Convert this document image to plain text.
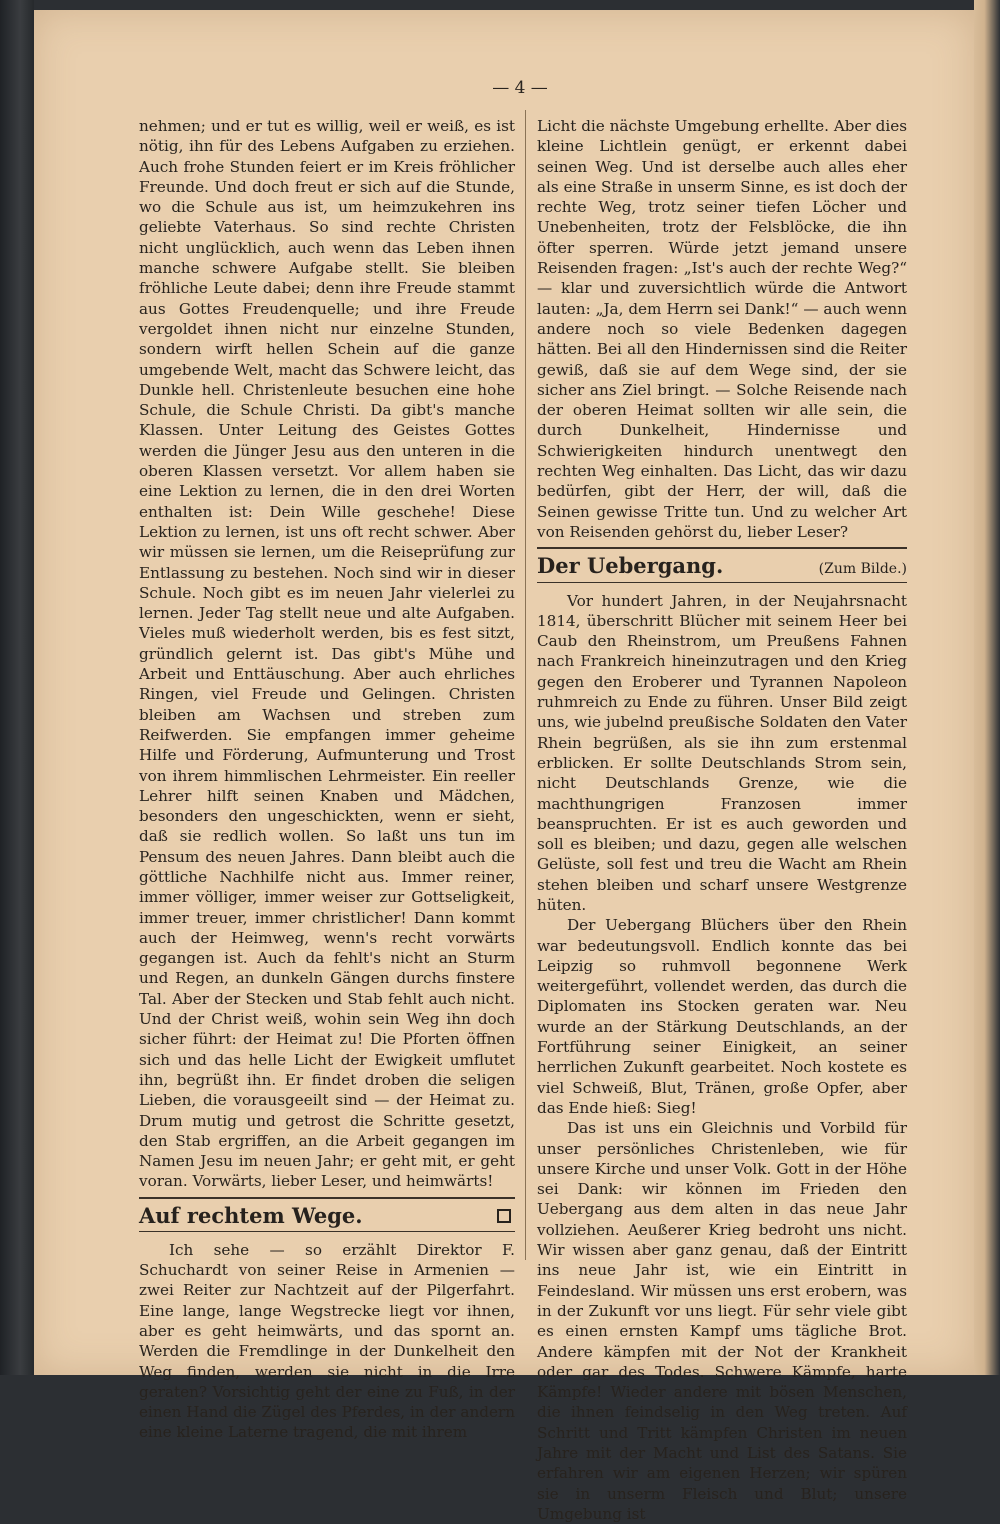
— 4 —

nehmen; und er tut es willig, weil er weiß, es ist nötig, ihn für des Lebens Aufgaben zu erziehen. Auch frohe Stunden feiert er im Kreis fröhlicher Freunde. Und doch freut er sich auf die Stunde, wo die Schule aus ist, um heimzukehren ins geliebte Vaterhaus. So sind rechte Christen nicht unglücklich, auch wenn das Leben ihnen manche schwere Aufgabe stellt. Sie bleiben fröhliche Leute dabei; denn ihre Freude stammt aus Gottes Freudenquelle; und ihre Freude vergoldet ihnen nicht nur einzelne Stunden, sondern wirft hellen Schein auf die ganze umgebende Welt, macht das Schwere leicht, das Dunkle hell. Christenleute besuchen eine hohe Schule, die Schule Christi. Da gibt's manche Klassen. Unter Leitung des Geistes Gottes werden die Jünger Jesu aus den unteren in die oberen Klassen versetzt. Vor allem haben sie eine Lektion zu lernen, die in den drei Worten enthalten ist: Dein Wille geschehe! Diese Lektion zu lernen, ist uns oft recht schwer. Aber wir müssen sie lernen, um die Reiseprüfung zur Entlassung zu bestehen. Noch sind wir in dieser Schule. Noch gibt es im neuen Jahr vielerlei zu lernen. Jeder Tag stellt neue und alte Aufgaben. Vieles muß wiederholt werden, bis es fest sitzt, gründlich gelernt ist. Das gibt's Mühe und Arbeit und Enttäuschung. Aber auch ehrliches Ringen, viel Freude und Gelingen. Christen bleiben am Wachsen und streben zum Reifwerden. Sie empfangen immer geheime Hilfe und Förderung, Aufmunterung und Trost von ihrem himmlischen Lehrmeister. Ein reeller Lehrer hilft seinen Knaben und Mädchen, besonders den ungeschickten, wenn er sieht, daß sie redlich wollen. So laßt uns tun im Pensum des neuen Jahres. Dann bleibt auch die göttliche Nachhilfe nicht aus. Immer reiner, immer völliger, immer weiser zur Gottseligkeit, immer treuer, immer christlicher! Dann kommt auch der Heimweg, wenn's recht vorwärts gegangen ist. Auch da fehlt's nicht an Sturm und Regen, an dunkeln Gängen durchs finstere Tal. Aber der Stecken und Stab fehlt auch nicht. Und der Christ weiß, wohin sein Weg ihn doch sicher führt: der Heimat zu! Die Pforten öffnen sich und das helle Licht der Ewigkeit umflutet ihn, begrüßt ihn. Er findet droben die seligen Lieben, die vorausgeeilt sind — der Heimat zu. Drum mutig und getrost die Schritte gesetzt, den Stab ergriffen, an die Arbeit gegangen im Namen Jesu im neuen Jahr; er geht mit, er geht voran. Vorwärts, lieber Leser, und heimwärts!

Auf rechtem Wege.

Ich sehe — so erzählt Direktor F. Schuchardt von seiner Reise in Armenien — zwei Reiter zur Nachtzeit auf der Pilgerfahrt. Eine lange, lange Wegstrecke liegt vor ihnen, aber es geht heimwärts, und das spornt an. Werden die Fremdlinge in der Dunkelheit den Weg finden, werden sie nicht in die Irre geraten? Vorsichtig geht der eine zu Fuß, in der einen Hand die Zügel des Pferdes, in der andern eine kleine Laterne tragend, die mit ihrem

Licht die nächste Umgebung erhellte. Aber dies kleine Lichtlein genügt, er erkennt dabei seinen Weg. Und ist derselbe auch alles eher als eine Straße in unserm Sinne, es ist doch der rechte Weg, trotz seiner tiefen Löcher und Unebenheiten, trotz der Felsblöcke, die ihn öfter sperren. Würde jetzt jemand unsere Reisenden fragen: „Ist's auch der rechte Weg?“ — klar und zuversichtlich würde die Antwort lauten: „Ja, dem Herrn sei Dank!“ — auch wenn andere noch so viele Bedenken dagegen hätten. Bei all den Hindernissen sind die Reiter gewiß, daß sie auf dem Wege sind, der sie sicher ans Ziel bringt. — Solche Reisende nach der oberen Heimat sollten wir alle sein, die durch Dunkelheit, Hindernisse und Schwierigkeiten hindurch unentwegt den rechten Weg einhalten. Das Licht, das wir dazu bedürfen, gibt der Herr, der will, daß die Seinen gewisse Tritte tun. Und zu welcher Art von Reisenden gehörst du, lieber Leser?

Der Uebergang.	(Zum Bilde.)

Vor hundert Jahren, in der Neujahrsnacht 1814, überschritt Blücher mit seinem Heer bei Caub den Rheinstrom, um Preußens Fahnen nach Frankreich hineinzutragen und den Krieg gegen den Eroberer und Tyrannen Napoleon ruhmreich zu Ende zu führen. Unser Bild zeigt uns, wie jubelnd preußische Soldaten den Vater Rhein begrüßen, als sie ihn zum erstenmal erblicken. Er sollte Deutschlands Strom sein, nicht Deutschlands Grenze, wie die machthungrigen Franzosen immer beanspruchten. Er ist es auch geworden und soll es bleiben; und dazu, gegen alle welschen Gelüste, soll fest und treu die Wacht am Rhein stehen bleiben und scharf unsere Westgrenze hüten.

Der Uebergang Blüchers über den Rhein war bedeutungsvoll. Endlich konnte das bei Leipzig so ruhmvoll begonnene Werk weitergeführt, vollendet werden, das durch die Diplomaten ins Stocken geraten war. Neu wurde an der Stärkung Deutschlands, an der Fortführung seiner Einigkeit, an seiner herrlichen Zukunft gearbeitet. Noch kostete es viel Schweiß, Blut, Tränen, große Opfer, aber das Ende hieß: Sieg!

Das ist uns ein Gleichnis und Vorbild für unser persönliches Christenleben, wie für unsere Kirche und unser Volk. Gott in der Höhe sei Dank: wir können im Frieden den Uebergang aus dem alten in das neue Jahr vollziehen. Aeußerer Krieg bedroht uns nicht. Wir wissen aber ganz genau, daß der Eintritt ins neue Jahr ist, wie ein Eintritt in Feindesland. Wir müssen uns erst erobern, was in der Zukunft vor uns liegt. Für sehr viele gibt es einen ernsten Kampf ums tägliche Brot. Andere kämpfen mit der Not der Krankheit oder gar des Todes. Schwere Kämpfe, harte Kämpfe! Wieder andere mit bösen Menschen, die ihnen feindselig in den Weg treten. Auf Schritt und Tritt kämpfen Christen im neuen Jahre mit der Macht und List des Satans. Sie erfahren wir am eigenen Herzen; wir spüren sie in unserm Fleisch und Blut; unsere Umgebung ist
